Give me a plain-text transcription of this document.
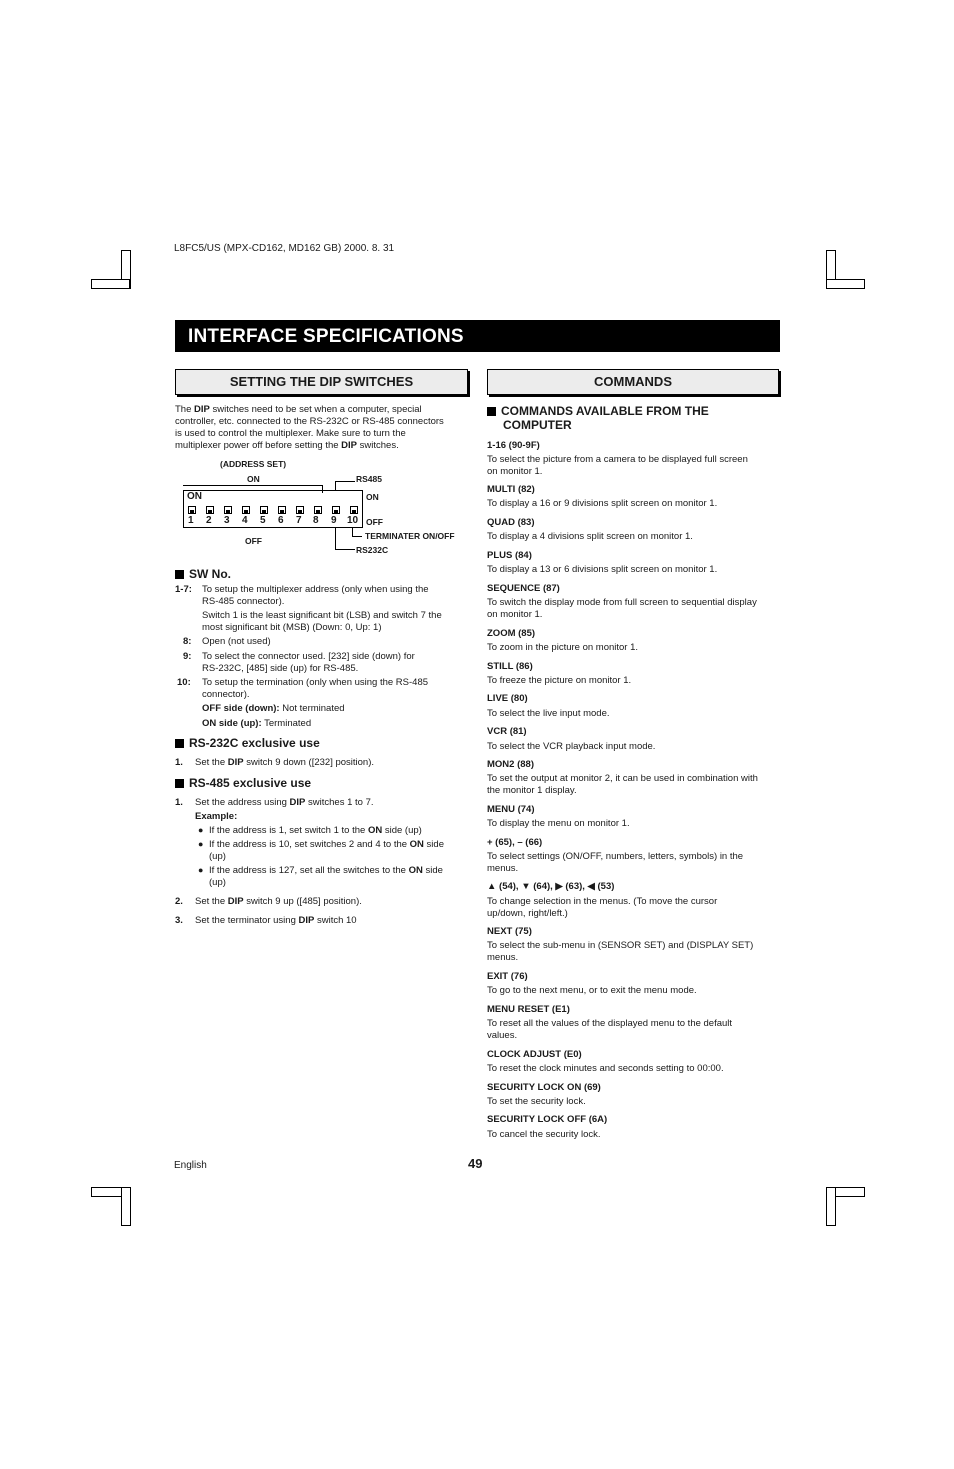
L8FC5/US (MPX-CD162, MD162 GB) 2000. 8. 31
INTERFACE SPECIFICATIONS
SETTING THE DIP SWITCHES
The DIP switches need to be set when a computer, special
controller, etc. connected to the RS-232C or RS-485 connectors
is used to control the multiplexer. Make sure to turn the
multiplexer power off before setting the DIP switches.
(ADDRESS SET)
ON	RS485
ON	ON
OFF
1 2 3 4 5 6 7 8 9 10
TERMINATER ON/OFF
OFF
RS232C
SW No.
1-7: To setup the multiplexer address (only when using the
RS-485 connector).
Switch 1 is the least significant bit (LSB) and switch 7 the
most significant bit (MSB) (Down: 0, Up: 1)
8: Open (not used)
9: To select the connector used. [232] side (down) for
RS-232C, [485] side (up) for RS-485.
10: To setup the termination (only when using the RS-485
connector).
OFF side (down): Not terminated
ON side (up): Terminated
RS-232C exclusive use
1. Set the DIP switch 9 down ([232] position).
RS-485 exclusive use
1. Set the address using DIP switches 1 to 7.
Example:
● If the address is 1, set switch 1 to the ON side (up)
● If the address is 10, set switches 2 and 4 to the ON side
(up)
● If the address is 127, set all the switches to the ON side
(up)
2. Set the DIP switch 9 up ([485] position).
3. Set the terminator using DIP switch 10
COMMANDS
COMMANDS AVAILABLE FROM THE
COMPUTER
1-16 (90-9F)
To select the picture from a camera to be displayed full screen
on monitor 1.
MULTI (82)
To display a 16 or 9 divisions split screen on monitor 1.
QUAD (83)
To display a 4 divisions split screen on monitor 1.
PLUS (84)
To display a 13 or 6 divisions split screen on monitor 1.
SEQUENCE (87)
To switch the display mode from full screen to sequential display
on monitor 1.
ZOOM (85)
To zoom in the picture on monitor 1.
STILL (86)
To freeze the picture on monitor 1.
LIVE (80)
To select the live input mode.
VCR (81)
To select the VCR playback input mode.
MON2 (88)
To set the output at monitor 2, it can be used in combination with
the monitor 1 display.
MENU (74)
To display the menu on monitor 1.
+ (65), – (66)
To select settings (ON/OFF, numbers, letters, symbols) in the
menus.
▲ (54), ▼ (64), ▶ (63), ◀ (53)
To change selection in the menus. (To move the cursor
up/down, right/left.)
NEXT (75)
To select the sub-menu in (SENSOR SET) and (DISPLAY SET)
menus.
EXIT (76)
To go to the next menu, or to exit the menu mode.
MENU RESET (E1)
To reset all the values of the displayed menu to the default
values.
CLOCK ADJUST (E0)
To reset the clock minutes and seconds setting to 00:00.
SECURITY LOCK ON (69)
To set the security lock.
SECURITY LOCK OFF (6A)
To cancel the security lock.
English	49
